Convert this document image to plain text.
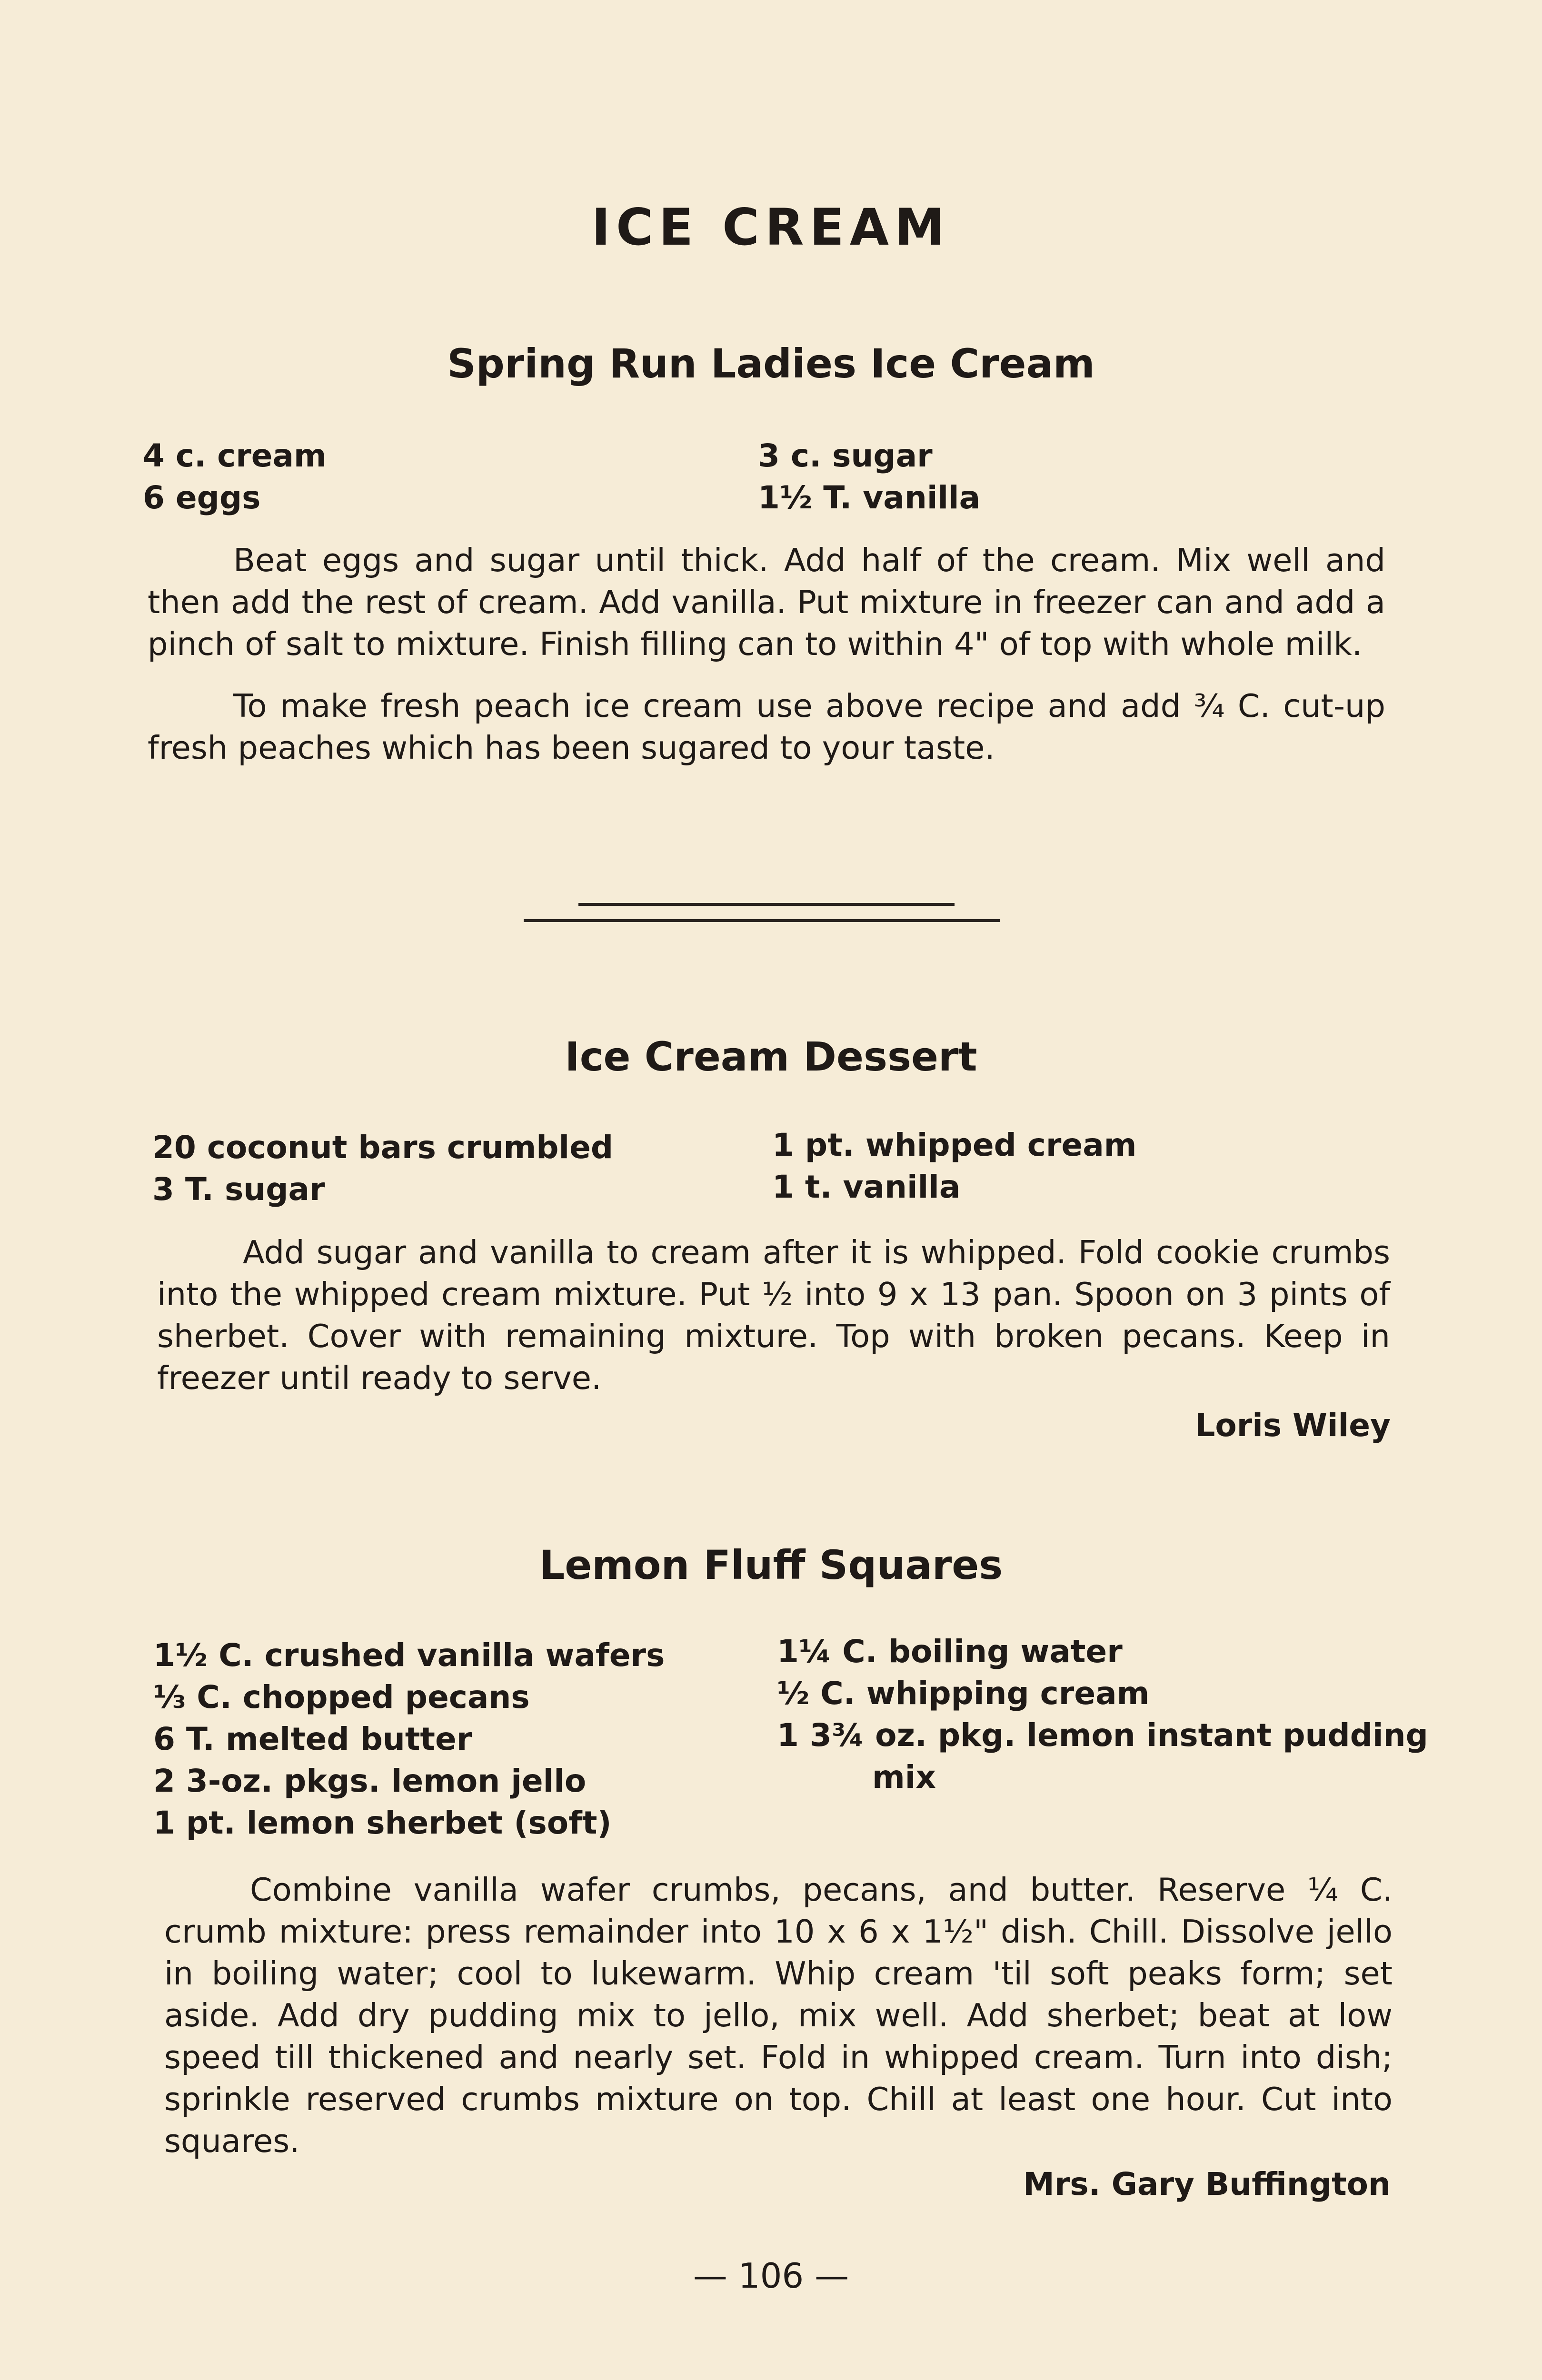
ICE CREAM
Spring Run Ladies Ice Cream
4 c. cream
6 eggs
3 c. sugar
1½ T. vanilla

Beat eggs and sugar until thick. Add half of the cream. Mix well and then add the rest of cream. Add vanilla. Put mixture in freezer can and add a pinch of salt to mixture. Finish filling can to within 4" of top with whole milk.

To make fresh peach ice cream use above recipe and add ¾ C. cut-up fresh peaches which has been sugared to your taste.

Ice Cream Dessert
20 coconut bars crumbled
3 T. sugar
1 pt. whipped cream
1 t. vanilla

Add sugar and vanilla to cream after it is whipped. Fold cookie crumbs into the whipped cream mixture. Put ½ into 9 x 13 pan. Spoon on 3 pints of sherbet. Cover with remaining mixture. Top with broken pecans. Keep in freezer until ready to serve.

Loris Wiley
Lemon Fluff Squares
1½ C. crushed vanilla wafers
⅓ C. chopped pecans
6 T. melted butter
2 3-oz. pkgs. lemon jello
1 pt. lemon sherbet (soft)
1¼ C. boiling water
½ C. whipping cream
1 3¾ oz. pkg. lemon instant pudding
mix

Combine vanilla wafer crumbs, pecans, and butter. Reserve ¼ C. crumb mixture: press remainder into 10 x 6 x 1½" dish. Chill. Dissolve jello in boiling water; cool to lukewarm. Whip cream 'til soft peaks form; set aside. Add dry pudding mix to jello, mix well. Add sherbet; beat at low speed till thickened and nearly set. Fold in whipped cream. Turn into dish; sprinkle reserved crumbs mixture on top. Chill at least one hour. Cut into squares.

Mrs. Gary Buffington
— 106 —
